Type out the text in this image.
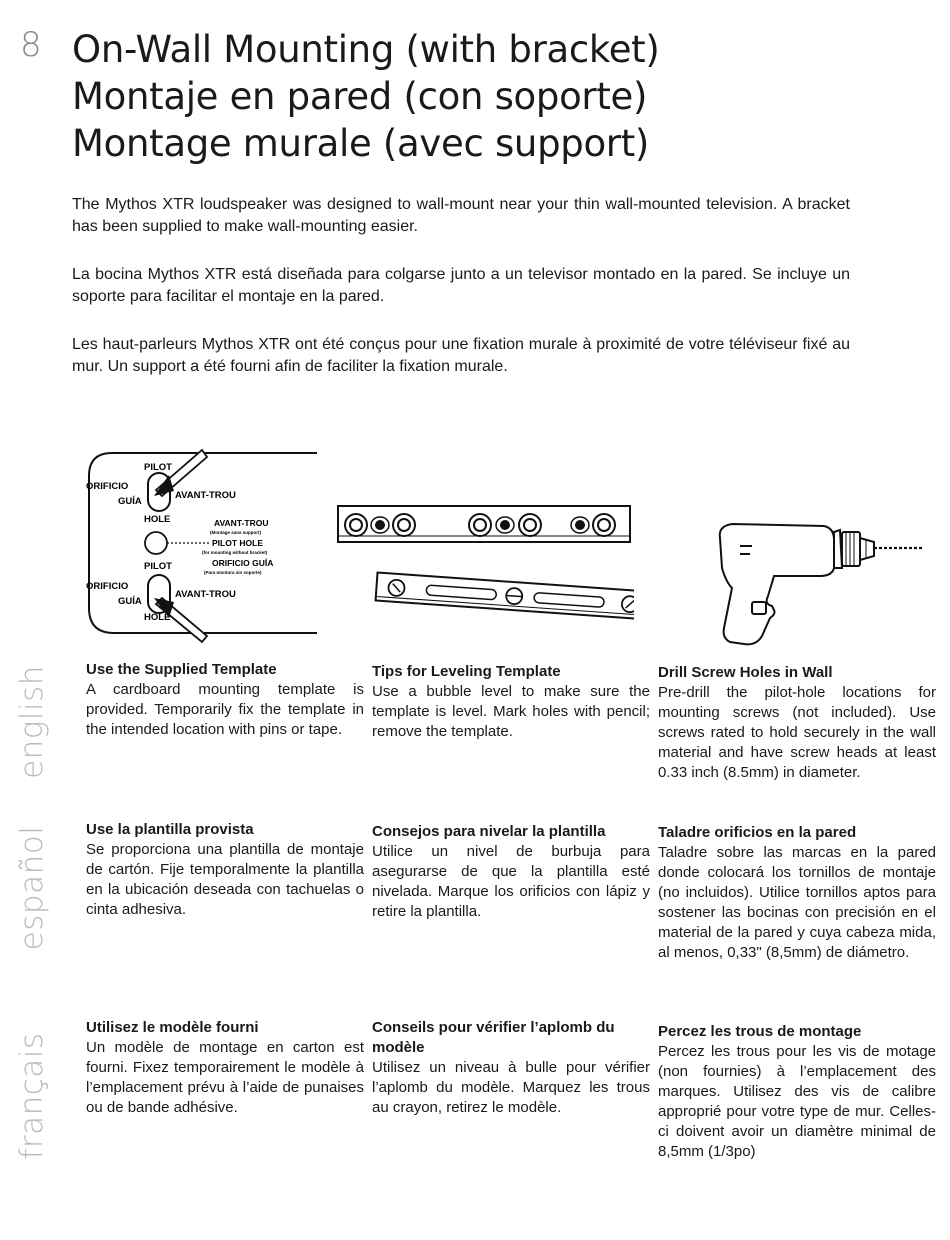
8 On-Wall Mounting (with bracket)
Montaje en pared (con soporte)
Montage murale (avec support)

The Mythos XTR loudspeaker was designed to wall-mount near your thin wall-mounted television. A bracket has been supplied to make wall-mounting easier.

La bocina Mythos XTR está diseñada para colgarse junto a un televisor montado en la pared. Se incluye un soporte para facilitar el montaje en la pared.

Les haut-parleurs Mythos XTR ont été conçus pour une fixation murale à proximité de votre téléviseur fixé au mur. Un support a été fourni afin de faciliter la fixation murale.

PILOT
ORIFICIO
GUÍA
AVANT-TROU
HOLE	AVANT-TROU
(Montage sans support)
PILOT HOLE
(for mounting without bracket)
ORIFICIO GUÍA
(Para montura sin soporte)
PILOT
ORIFICIO
GUÍA
AVANT-TROU
HOLE
english
español
français
Use the Supplied Template

A cardboard mounting template is provided. Temporarily fix the template in the intended location with pins or tape.

Tips for Leveling Template

Use a bubble level to make sure the template is level. Mark holes with pencil; remove the template.

Drill Screw Holes in Wall

Pre-drill the pilot-hole locations for mounting screws (not included). Use screws rated to hold securely in the wall material and have screw heads at least 0.33 inch (8.5mm) in diameter.

Use la plantilla provista

Se proporciona una plantilla de montaje de cartón. Fije temporalmente la plantilla en la ubicación deseada con tachuelas o cinta adhesiva.

Consejos para nivelar la plantilla

Utilice un nivel de burbuja para asegurarse de que la plantilla esté nivelada. Marque los orificios con lápiz y retire la plantilla.

Taladre orificios en la pared

Taladre sobre las marcas en la pared donde colocará los tornillos de montaje (no incluidos). Utilice tornillos aptos para sostener las bocinas con precisión en el material de la pared y cuya cabeza mida, al menos, 0,33" (8,5mm) de diámetro.

Utilisez le modèle fourni

Un modèle de montage en carton est fourni. Fixez temporairement le modèle à l’emplacement prévu à l’aide de punaises ou de bande adhésive.

Conseils pour vérifier l’aplomb du modèle

Utilisez un niveau à bulle pour vérifier l’aplomb du modèle. Marquez les trous au crayon, retirez le modèle.

Percez les trous de montage

Percez les trous pour les vis de motage (non fournies) à l’emplacement des marques. Utilisez des vis de calibre approprié pour votre type de mur. Celles-ci doivent avoir un diamètre minimal de 8,5mm (1/3po)
